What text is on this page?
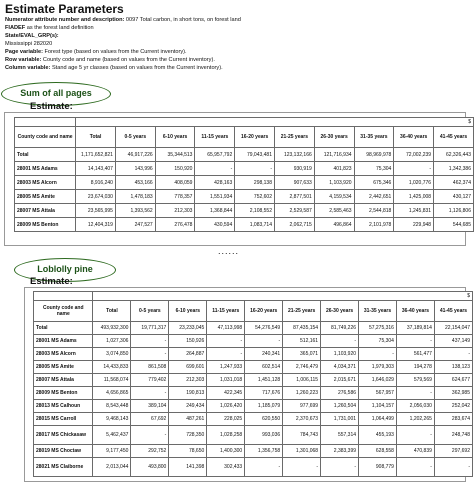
Estimate Parameters
Numerator attribute number and description: 0097 Total carbon, in short tons, on forest land
FIADEF as the forest land definition
State/EVAL_GRP(s):
Mississippi 282020
Page variable: Forest type (based on values from the Current inventory).
Row variable: County code and name (based on values from the Current inventory).
Column variable: Stand age 5 yr classes (based on values from the Current inventory).
Sum of all pages
Estimate:
	$									
County code and name	Total	0-5 years	6-10 years	11-15 years	16-20 years	21-25 years	26-30 years	31-35 years	36-40 years	41-45 years
Total	1,171,652,821	46,917,226	35,344,513	65,957,792	79,043,481	123,132,166	121,716,934	98,969,978	72,002,239	62,326,443
28001 MS Adams	14,143,407	143,996	150,920	-	-	930,919	401,823	75,304	-	1,342,386
28003 MS Alcorn	8,916,240	453,166	408,059	428,163	298,138	907,633	1,103,920	675,346	1,020,776	462,374
28005 MS Amite	23,674,030	1,478,183	778,357	1,551,934	752,602	2,877,501	4,159,534	2,442,651	1,425,008	430,127
28007 MS Attala	23,565,995	1,393,562	212,303	1,368,844	2,108,552	2,529,587	2,585,463	2,544,818	1,245,831	1,126,806
28009 MS Benton	12,404,319	247,527	276,478	430,594	1,083,714	2,062,715	496,864	2,101,978	229,948	544,685
......
Loblolly pine
Estimate:
	$									
County code and name	Total	0-5 years	6-10 years	11-15 years	16-20 years	21-25 years	26-30 years	31-35 years	36-40 years	41-45 years
Total	493,932,300	19,771,317	23,233,045	47,113,998	54,276,549	87,435,154	81,749,226	57,275,316	37,189,814	22,154,047
28001 MS Adams	1,027,306	-	150,926	-	-	512,161	-	75,304	-	437,149
28003 MS Alcorn	3,074,850	-	264,887	-	240,341	365,071	1,103,920	-	561,477	-
28005 MS Amite	14,433,833	861,508	699,601	1,247,933	602,514	2,746,479	4,034,371	1,979,303	194,278	138,123
28007 MS Attala	11,568,074	779,402	212,303	1,031,018	1,451,128	1,006,115	2,015,671	1,646,029	579,569	624,677
28009 MS Benton	4,656,865	-	190,813	422,345	717,676	1,260,223	276,586	567,957	-	362,985
28013 MS Calhoun	8,543,448	389,104	249,434	1,026,420	1,185,079	977,699	1,260,504	1,104,157	2,056,030	252,042
28015 MS Carroll	9,468,143	67,692	487,261	228,025	620,550	2,370,673	1,731,001	1,064,499	1,202,265	283,674
28017 MS Chickasaw	5,462,437	-	728,350	1,028,258	993,036	784,743	557,314	455,193	-	248,748
28019 MS Choctaw	9,177,450	292,752	78,650	1,400,300	1,356,758	1,301,068	2,383,399	628,558	470,839	297,692
28021 MS Claiborne	2,013,044	493,800	141,398	302,433	-	-	-	908,779	-	-
